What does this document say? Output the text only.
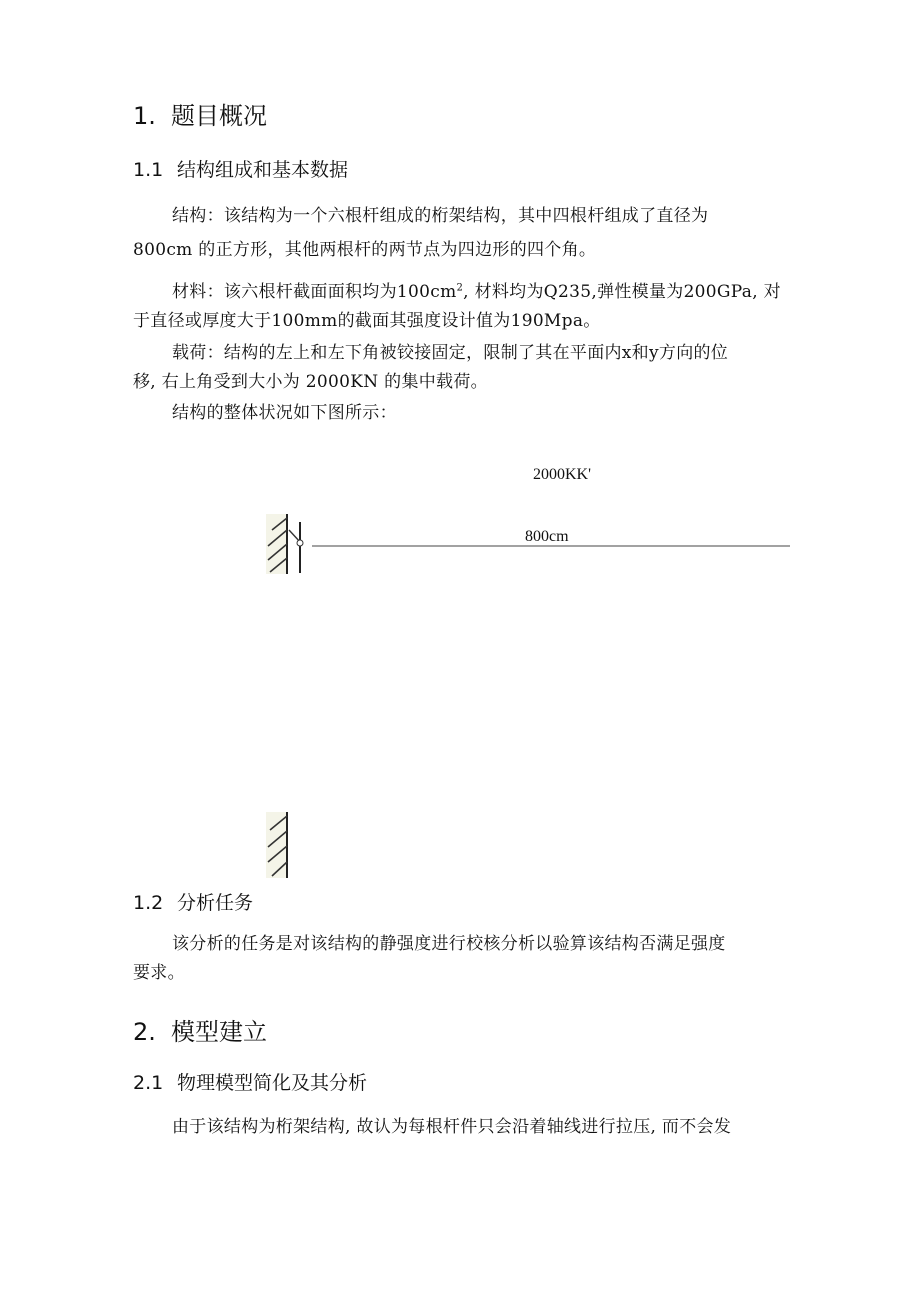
1. 题目概况
1.1 结构组成和基本数据
结构：该结构为一个六根杆组成的桁架结构，其中四根杆组成了直径为
800cm 的正方形，其他两根杆的两节点为四边形的四个角。
材料：该六根杆截面面积均为$100cm^2$, 材料均为Q235,弹性模量为200GPa, 对
于直径或厚度大于100mm的截面其强度设计值为190Mpa。
载荷：结构的左上和左下角被铰接固定，限制了其在平面内x和y方向的位
移, 右上角受到大小为 2000KN 的集中载荷。
结构的整体状况如下图所示：
2000KK'
800cm
1.2 分析任务
该分析的任务是对该结构的静强度进行校核分析以验算该结构否满足强度
要求。
2. 模型建立
2.1 物理模型简化及其分析
由于该结构为桁架结构, 故认为每根杆件只会沿着轴线进行拉压, 而不会发
